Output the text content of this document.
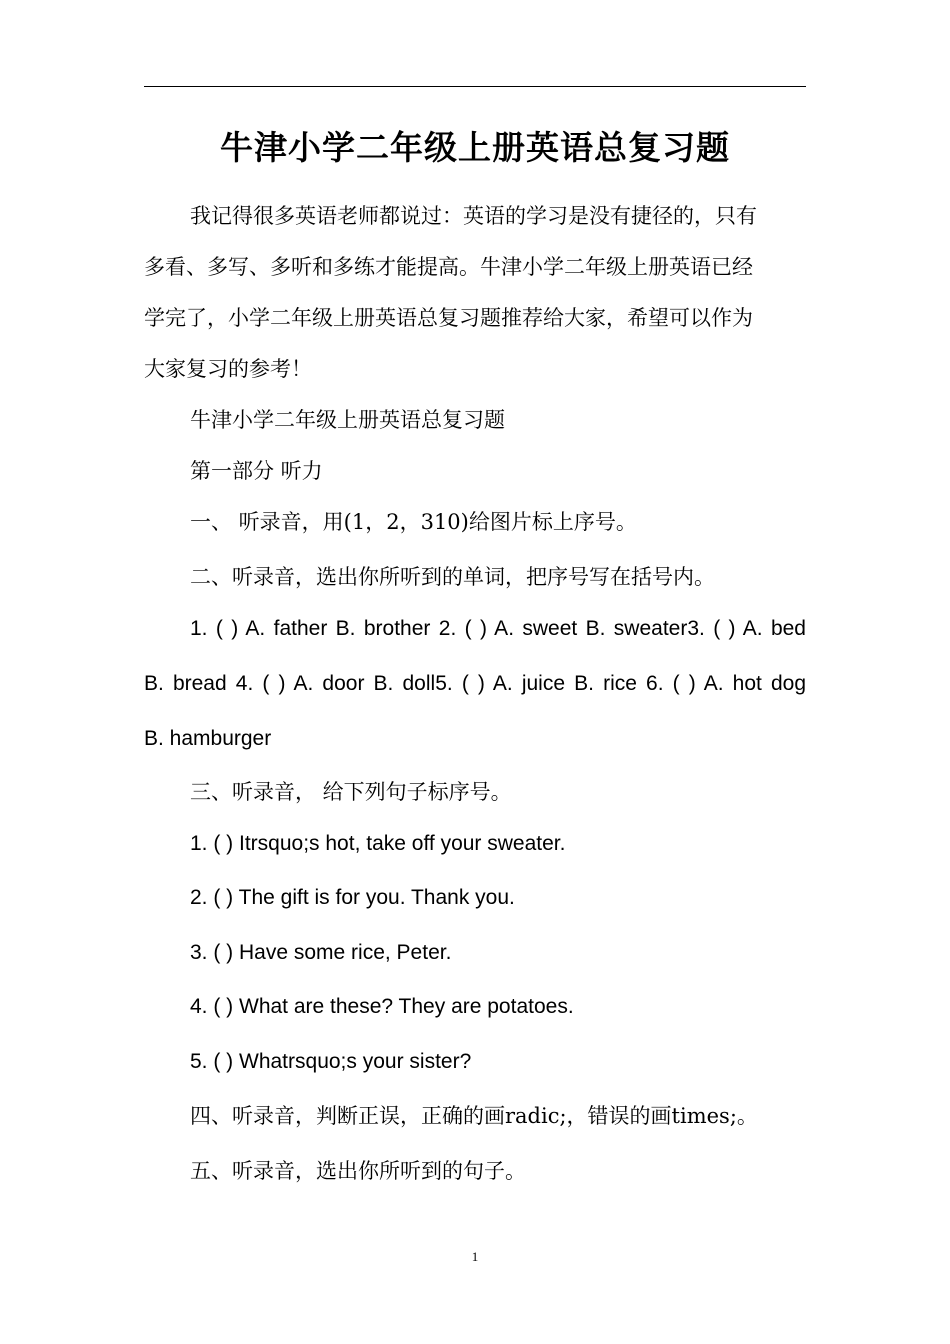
牛津小学二年级上册英语总复习题
我记得很多英语老师都说过：英语的学习是没有捷径的，只有
多看、多写、多听和多练才能提高。牛津小学二年级上册英语已经
学完了，小学二年级上册英语总复习题推荐给大家，希望可以作为
大家复习的参考！
牛津小学二年级上册英语总复习题
第一部分 听力
一、 听录音，用(1，2，310)给图片标上序号。
二、听录音，选出你所听到的单词，把序号写在括号内。
1. ( ) A. father B. brother 2. ( ) A. sweet B. sweater3. ( ) A. bed
B. bread 4. ( ) A. door B. doll5. ( ) A. juice B. rice 6. ( ) A. hot dog
B. hamburger
三、听录音， 给下列句子标序号。
1. ( ) Itrsquo;s hot, take off your sweater.
2. ( ) The gift is for you. Thank you.
3. ( ) Have some rice, Peter.
4. ( ) What are these? They are potatoes.
5. ( ) Whatrsquo;s your sister?
四、听录音，判断正误，正确的画radic;，错误的画times;。
五、听录音，选出你所听到的句子。
1
